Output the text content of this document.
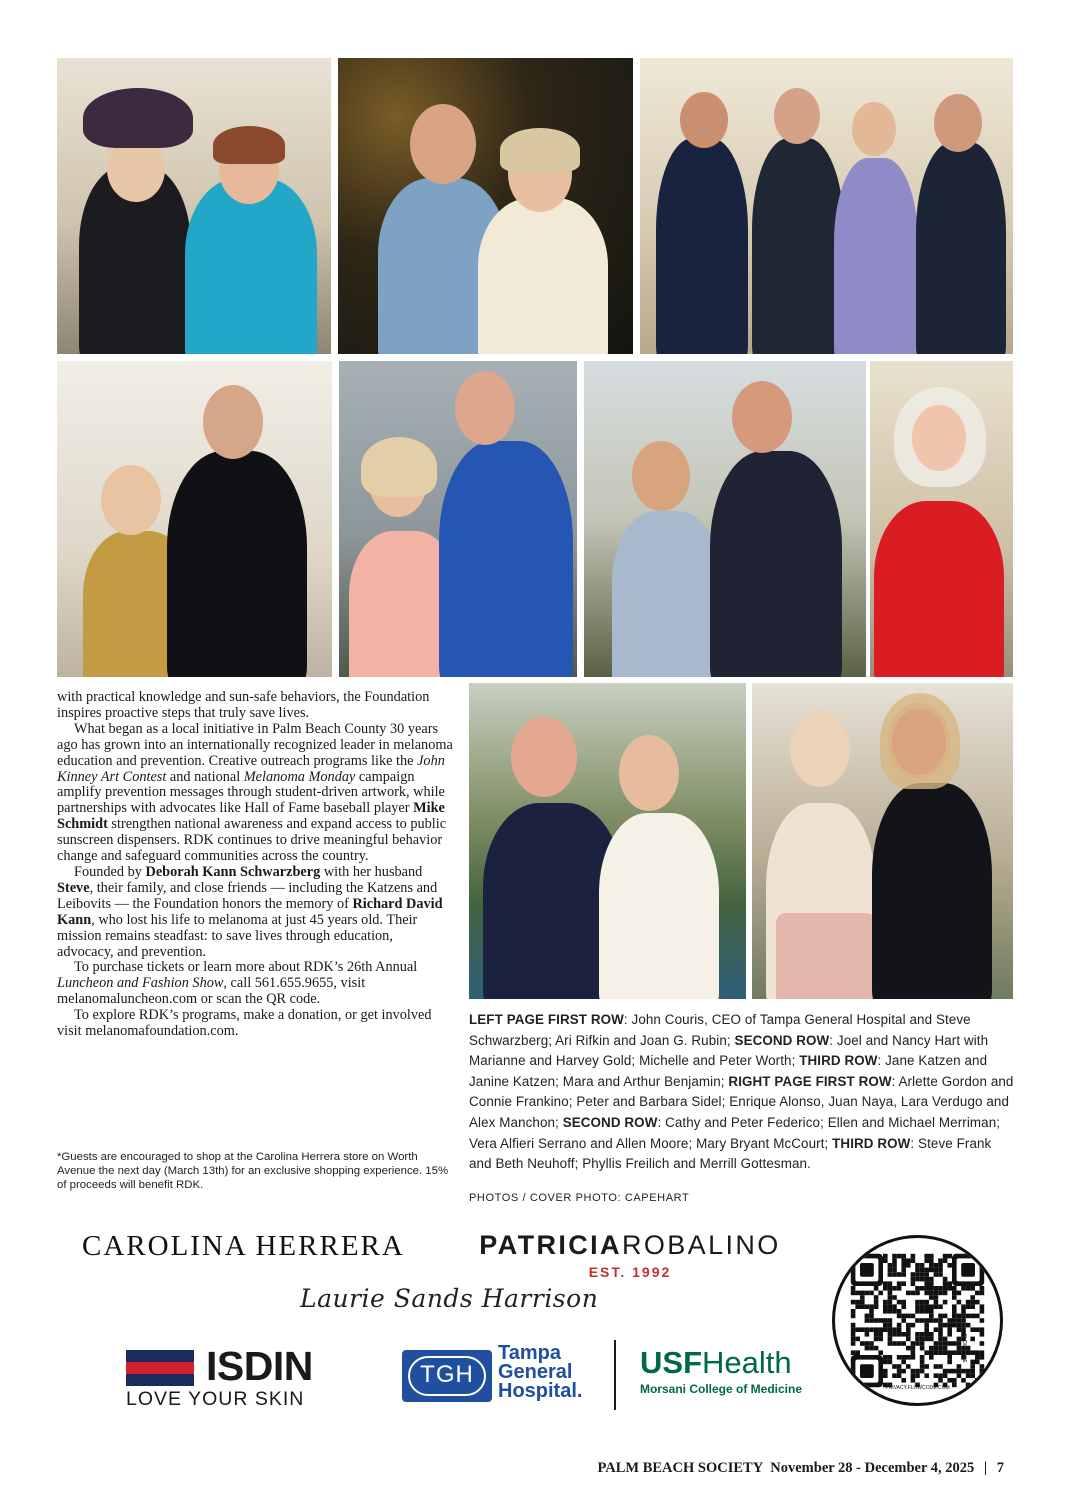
with practical knowledge and sun-safe behaviors, the Foundation inspires proactive steps that truly save lives.

What began as a local initiative in Palm Beach County 30 years ago has grown into an internationally recognized leader in melanoma education and prevention. Creative outreach programs like the John Kinney Art Contest and national Melanoma Monday campaign amplify prevention messages through student-driven artwork, while partnerships with advocates like Hall of Fame baseball player Mike Schmidt strengthen national awareness and expand access to public sunscreen dispensers. RDK continues to drive meaningful behavior change and safeguard communities across the country.

Founded by Deborah Kann Schwarzberg with her husband Steve, their family, and close friends — including the Katzens and Leibovits — the Foundation honors the memory of Richard David Kann, who lost his life to melanoma at just 45 years old. Their mission remains steadfast: to save lives through education, advocacy, and prevention.

To purchase tickets or learn more about RDK’s 26th Annual Luncheon and Fashion Show, call 561.655.9655, visit melanomaluncheon.com or scan the QR code.

To explore RDK’s programs, make a donation, or get involved visit melanomafoundation.com.

*Guests are encouraged to shop at the Carolina Herrera store on Worth Avenue the next day (March 13th) for an exclusive shopping experience. 15% of proceeds will benefit RDK.
LEFT PAGE FIRST ROW: John Couris, CEO of Tampa General Hospital and Steve Schwarzberg; Ari Rifkin and Joan G. Rubin; SECOND ROW: Joel and Nancy Hart with Marianne and Harvey Gold; Michelle and Peter Worth; THIRD ROW: Jane Katzen and Janine Katzen; Mara and Arthur Benjamin; RIGHT PAGE FIRST ROW: Arlette Gordon and Connie Frankino; Peter and Barbara Sidel; Enrique Alonso, Juan Naya, Lara Verdugo and Alex Manchon; SECOND ROW: Cathy and Peter Federico; Ellen and Michael Merriman; Vera Alfieri Serrano and Allen Moore; Mary Bryant McCourt; THIRD ROW: Steve Frank and Beth Neuhoff; Phyllis Freilich and Merrill Gottesman.
PHOTOS / COVER PHOTO: CAPEHART
CAROLINA HERRERA	PATRICIAROBALINO
EST. 1992
Laurie Sands Harrison
ISDIN
LOVE YOUR SKIN
TGH
Tampa
General
Hospital.
USFHealth
Morsani College of Medicine
FLOWCODE
PRIVACY.FLOWCODE.COM
PALM BEACH SOCIETY November 28 - December 4, 2025 | 7
